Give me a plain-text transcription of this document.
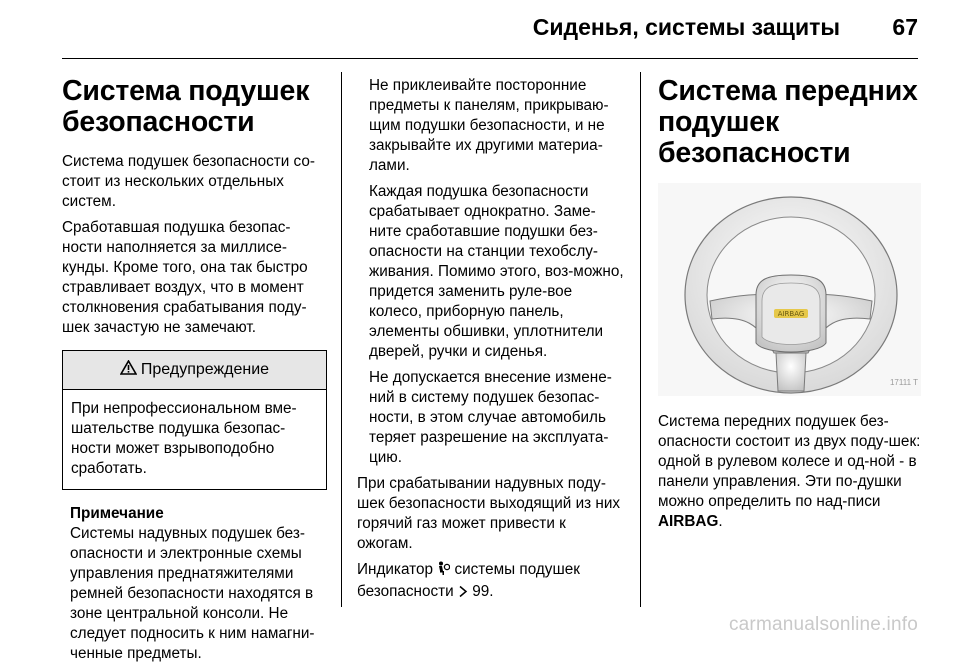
Сиденья, системы защиты 67
Система подушек
безопасности

Система подушек безопасности со-стоит из нескольких отдельных систем.

Сработавшая подушка безопас-ности наполняется за миллисе-кунды. Кроме того, она так быстро стравливает воздух, что в момент столкновения срабатывания поду-шек зачастую не замечают.

Предупреждение
При непрофессиональном вме-шательстве подушка безопас-ности может взрывоподобно сработать.
Примечание
Системы надувных подушек без-опасности и электронные схемы управления преднатяжителями ремней безопасности находятся в зоне центральной консоли. Не следует подносить к ним намагни-ченные предметы.

Не приклеивайте посторонние предметы к панелям, прикрываю-щим подушки безопасности, и не закрывайте их другими материа-лами.

Каждая подушка безопасности срабатывает однократно. Заме-ните сработавшие подушки без-опасности на станции техобслу-живания. Помимо этого, воз-можно, придется заменить руле-вое колесо, приборную панель, элементы обшивки, уплотнители дверей, ручки и сиденья.

Не допускается внесение измене-ний в систему подушек безопас-ности, в этом случае автомобиль теряет разрешение на эксплуата-цию.

При срабатывании надувных поду-шек безопасности выходящий из них горячий газ может привести к ожогам.

Индикатор системы подушек безопасности 99.

Система передних
подушек безопасности
AIRBAG
17111 T

Система передних подушек без-опасности состоит из двух поду-шек: одной в рулевом колесе и од-ной - в панели управления. Эти по-душки можно определить по над-писи AIRBAG.

carmanualsonline.info
